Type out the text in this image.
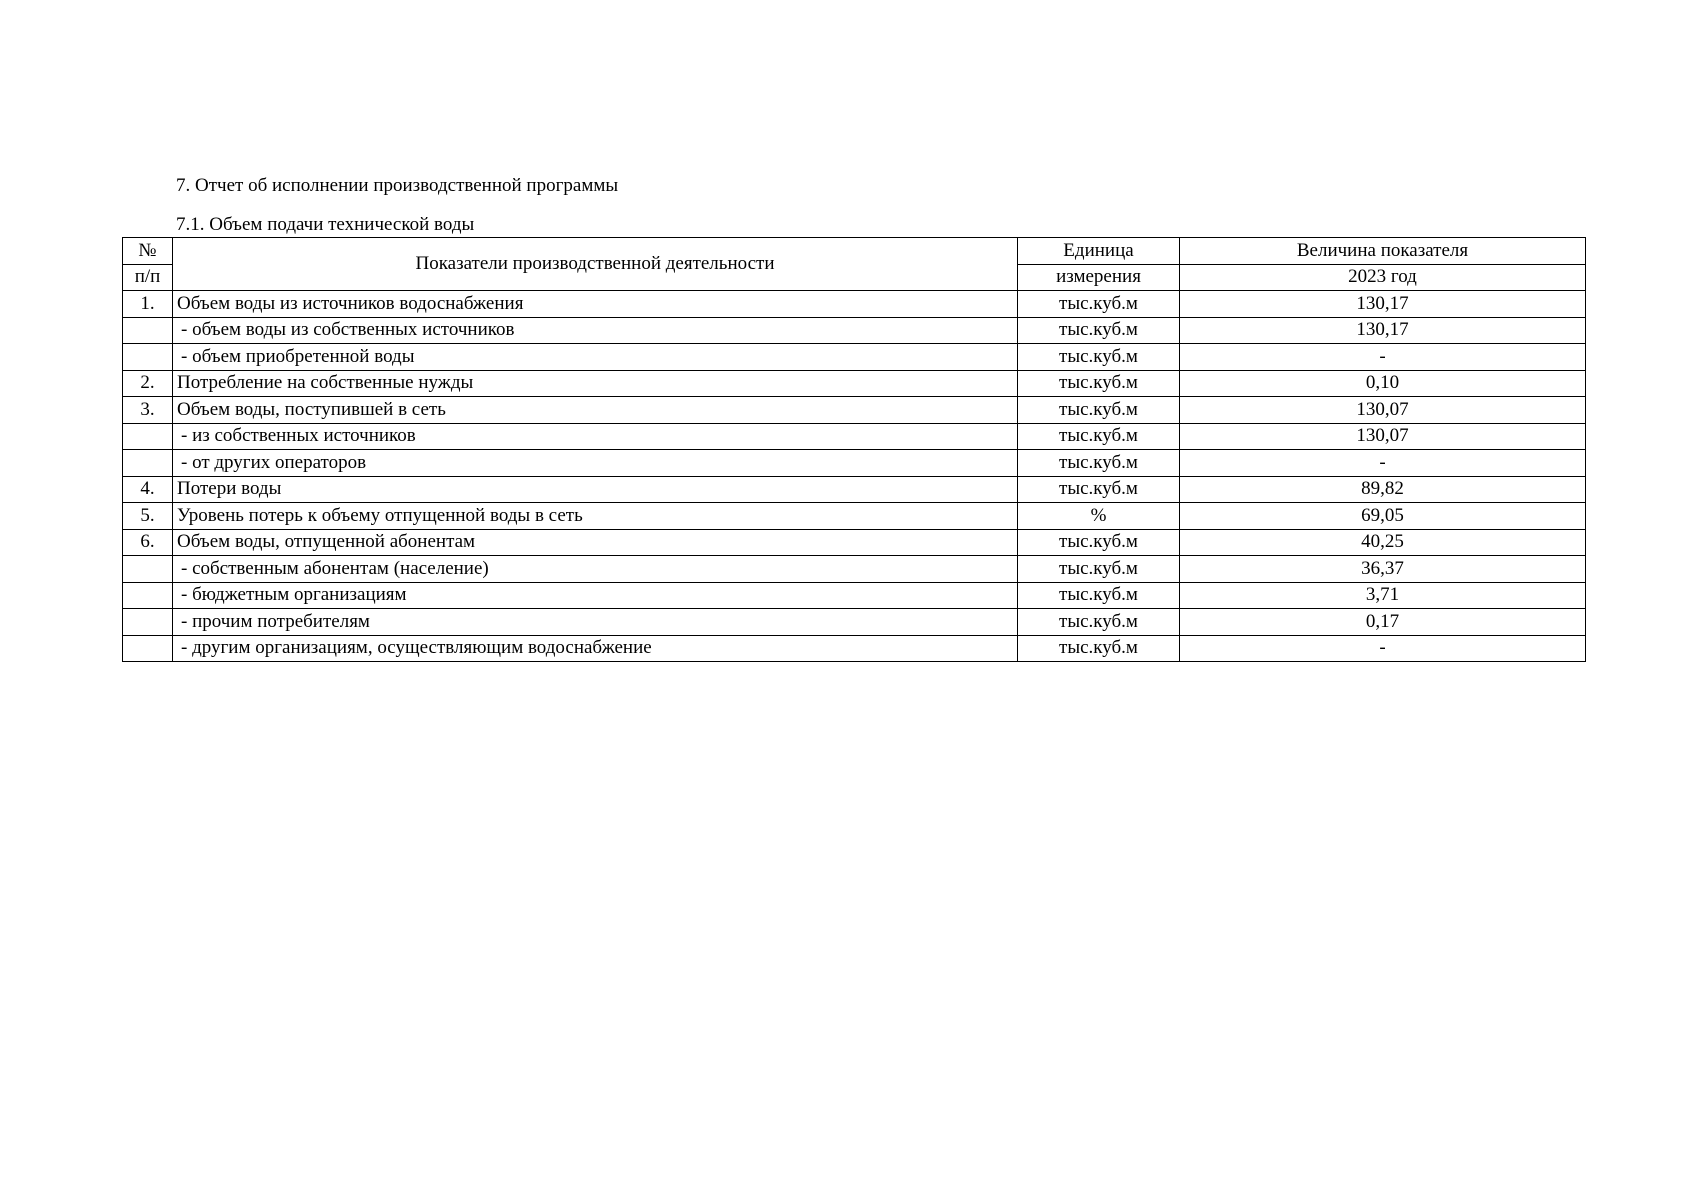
7. Отчет об исполнении производственной программы
7.1. Объем подачи технической воды
№	Показатели производственной деятельности	Единица	Величина показателя
п/п		измерения	2023 год
1.	Объем воды из источников водоснабжения	тыс.куб.м	130,17
	- объем воды из собственных источников	тыс.куб.м	130,17
	- объем приобретенной воды	тыс.куб.м	-
2.	Потребление на собственные нужды	тыс.куб.м	0,10
3.	Объем воды, поступившей в сеть	тыс.куб.м	130,07
	- из собственных источников	тыс.куб.м	130,07
	- от других операторов	тыс.куб.м	-
4.	Потери воды	тыс.куб.м	89,82
5.	Уровень потерь к объему отпущенной воды в сеть	%	69,05
6.	Объем воды, отпущенной абонентам	тыс.куб.м	40,25
	- собственным абонентам (население)	тыс.куб.м	36,37
	- бюджетным организациям	тыс.куб.м	3,71
	- прочим потребителям	тыс.куб.м	0,17
	- другим организациям, осуществляющим водоснабжение	тыс.куб.м	-
